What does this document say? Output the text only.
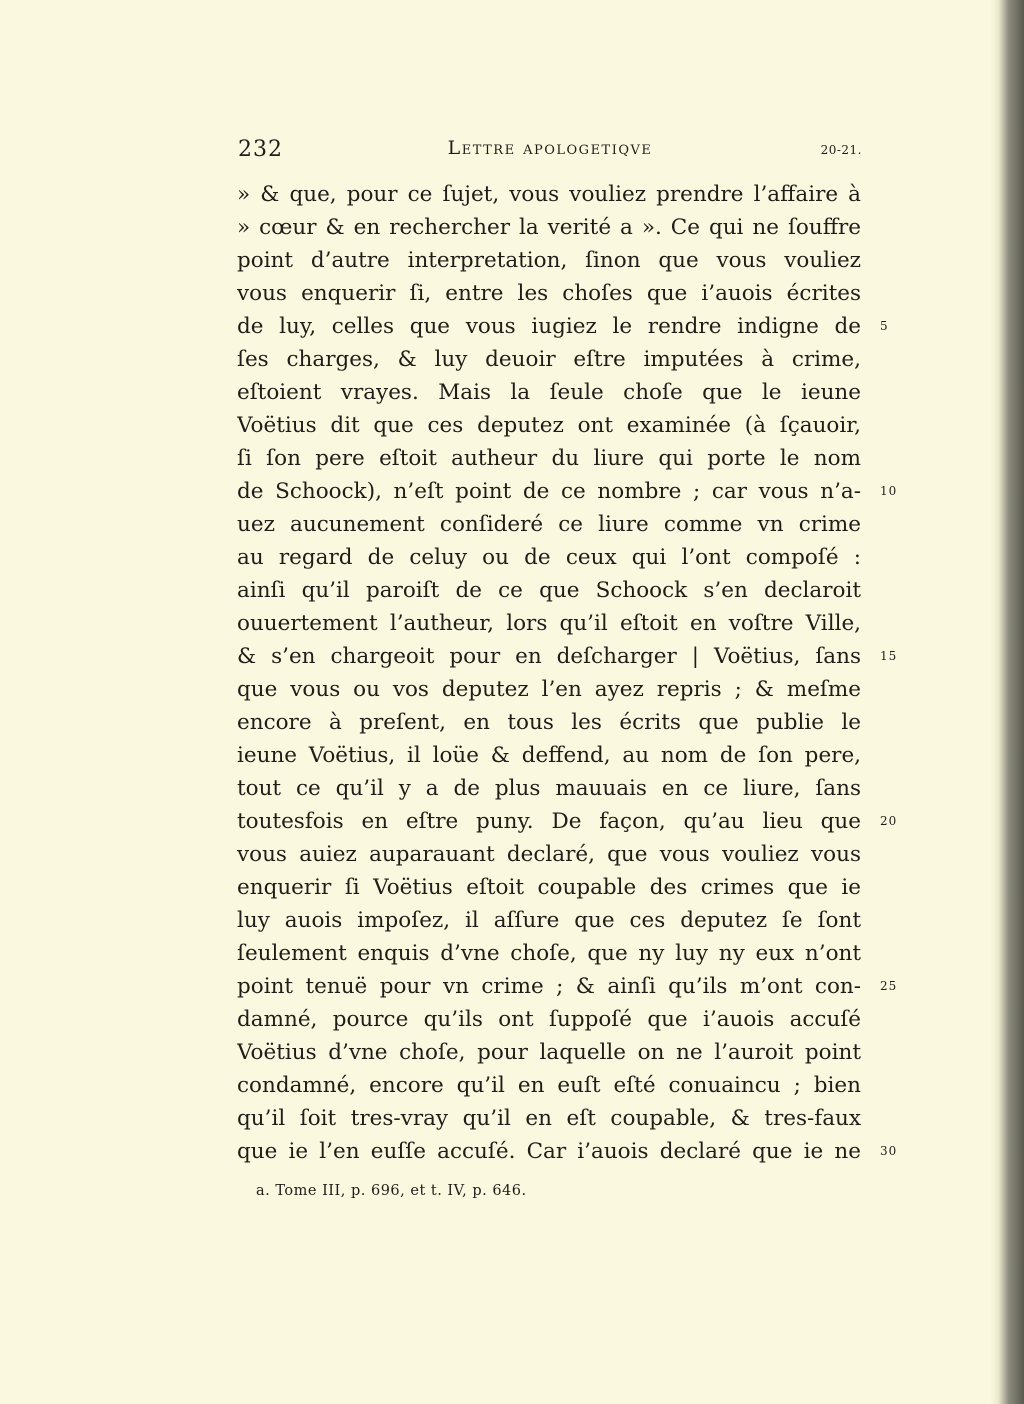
232	Lettre apologetiqve	20-21.
» & que, pour ce ſujet, vous vouliez prendre l’affaire à
» cœur & en rechercher la verité a ». Ce qui ne ſouffre
point d’autre interpretation, ſinon que vous vouliez
vous enquerir ſi, entre les choſes que i’auois écrites
de luy, celles que vous iugiez le rendre indigne de
ſes charges, & luy deuoir eſtre imputées à crime,
eſtoient vrayes. Mais la ſeule choſe que le ieune
Voëtius dit que ces deputez ont examinée (à ſçauoir,
ſi ſon pere eſtoit autheur du liure qui porte le nom
de Schoock), n’eſt point de ce nombre ; car vous n’a-
uez aucunement conſideré ce liure comme vn crime
au regard de celuy ou de ceux qui l’ont compoſé :
ainſi qu’il paroiſt de ce que Schoock s’en declaroit
ouuertement l’autheur, lors qu’il eſtoit en voſtre Ville,
& s’en chargeoit pour en deſcharger | Voëtius, ſans
que vous ou vos deputez l’en ayez repris ; & meſme
encore à preſent, en tous les écrits que publie le
ieune Voëtius, il loüe & deffend, au nom de ſon pere,
tout ce qu’il y a de plus mauuais en ce liure, ſans
toutesfois en eſtre puny. De façon, qu’au lieu que
vous auiez auparauant declaré, que vous vouliez vous
enquerir ſi Voëtius eſtoit coupable des crimes que ie
luy auois impoſez, il aſſure que ces deputez ſe ſont
ſeulement enquis d’vne choſe, que ny luy ny eux n’ont
point tenuë pour vn crime ; & ainſi qu’ils m’ont con-
damné, pource qu’ils ont ſuppoſé que i’auois accuſé
Voëtius d’vne choſe, pour laquelle on ne l’auroit point
condamné, encore qu’il en euſt eſté conuaincu ; bien
qu’il ſoit tres-vray qu’il en eſt coupable, & tres-faux
que ie l’en euſſe accuſé. Car i’auois declaré que ie ne
5
10
15
20
25
30
a. Tome III, p. 696, et t. IV, p. 646.
